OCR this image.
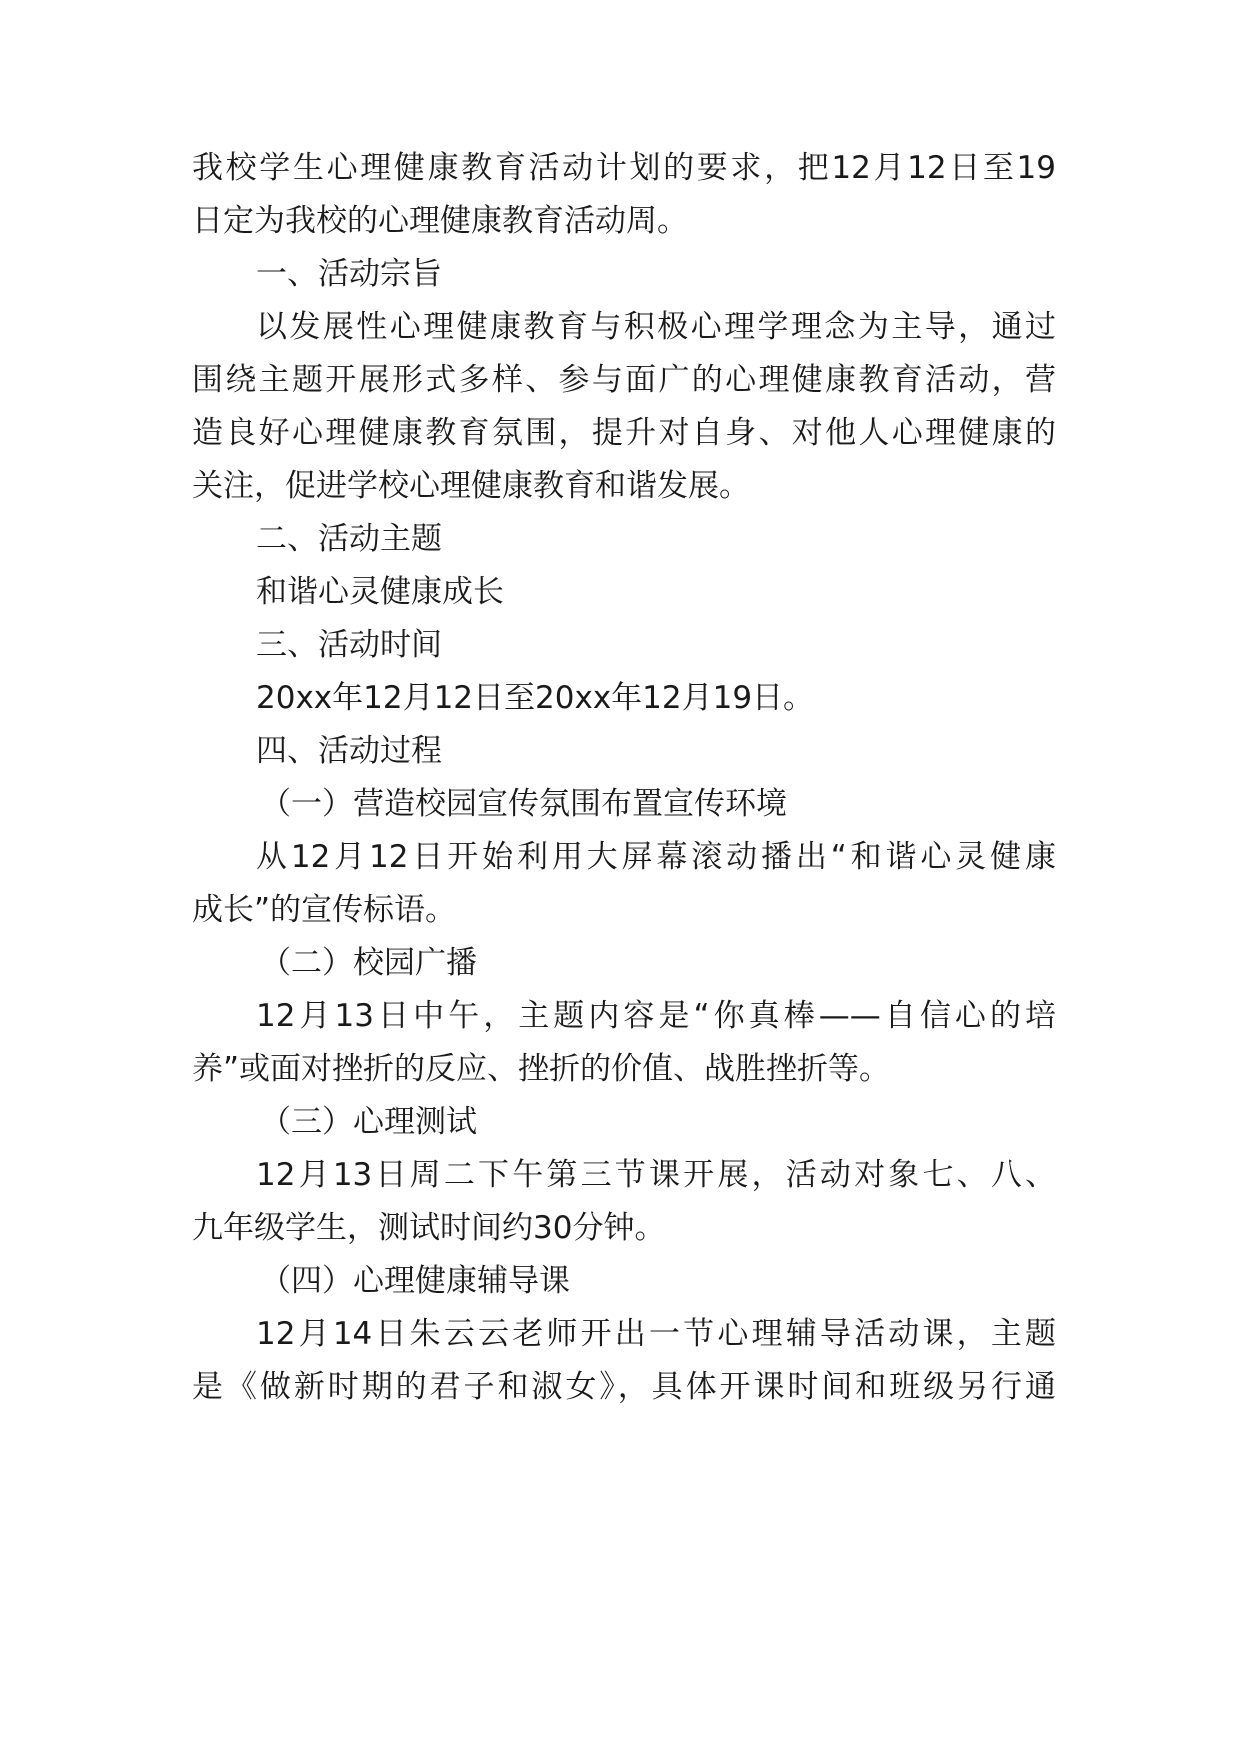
我校学生心理健康教育活动计划的要求，把12月12日至19
日定为我校的心理健康教育活动周。
一、活动宗旨
以发展性心理健康教育与积极心理学理念为主导，通过
围绕主题开展形式多样、参与面广的心理健康教育活动，营
造良好心理健康教育氛围，提升对自身、对他人心理健康的
关注，促进学校心理健康教育和谐发展。
二、活动主题
和谐心灵健康成长
三、活动时间
20xx年12月12日至20xx年12月19日。
四、活动过程
（一）营造校园宣传氛围布置宣传环境
从12月12日开始利用大屏幕滚动播出“和谐心灵健康
成长”的宣传标语。
（二）校园广播
12月13日中午，主题内容是“你真棒——自信心的培
养”或面对挫折的反应、挫折的价值、战胜挫折等。
（三）心理测试
12月13日周二下午第三节课开展，活动对象七、八、
九年级学生，测试时间约30分钟。
（四）心理健康辅导课
12月14日朱云云老师开出一节心理辅导活动课，主题
是《做新时期的君子和淑女》，具体开课时间和班级另行通
